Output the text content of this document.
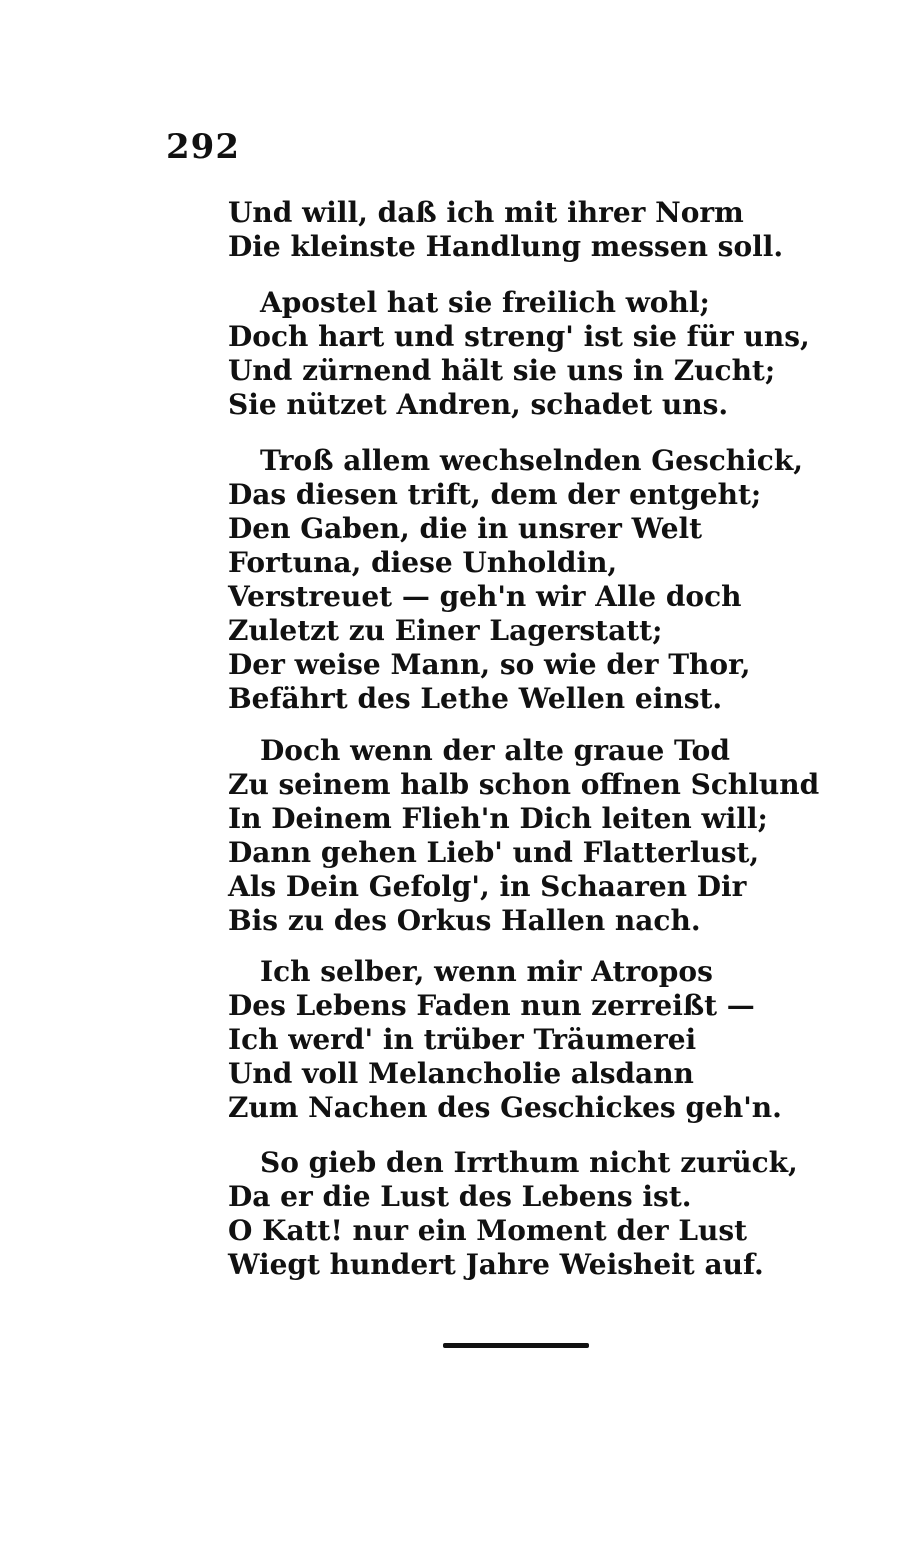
292
Und will, daß ich mit ihrer Norm
Die kleinste Handlung messen soll.
Apostel hat sie freilich wohl;
Doch hart und streng' ist sie für uns,
Und zürnend hält sie uns in Zucht;
Sie nützet Andren, schadet uns.
Troß allem wechselnden Geschick,
Das diesen trift, dem der entgeht;
Den Gaben, die in unsrer Welt
Fortuna, diese Unholdin,
Verstreuet — geh'n wir Alle doch
Zuletzt zu Einer Lagerstatt;
Der weise Mann, so wie der Thor,
Befährt des Lethe Wellen einst.
Doch wenn der alte graue Tod
Zu seinem halb schon offnen Schlund
In Deinem Flieh'n Dich leiten will;
Dann gehen Lieb' und Flatterlust,
Als Dein Gefolg', in Schaaren Dir
Bis zu des Orkus Hallen nach.
Ich selber, wenn mir Atropos
Des Lebens Faden nun zerreißt —
Ich werd' in trüber Träumerei
Und voll Melancholie alsdann
Zum Nachen des Geschickes geh'n.
So gieb den Irrthum nicht zurück,
Da er die Lust des Lebens ist.
O Katt! nur ein Moment der Lust
Wiegt hundert Jahre Weisheit auf.
